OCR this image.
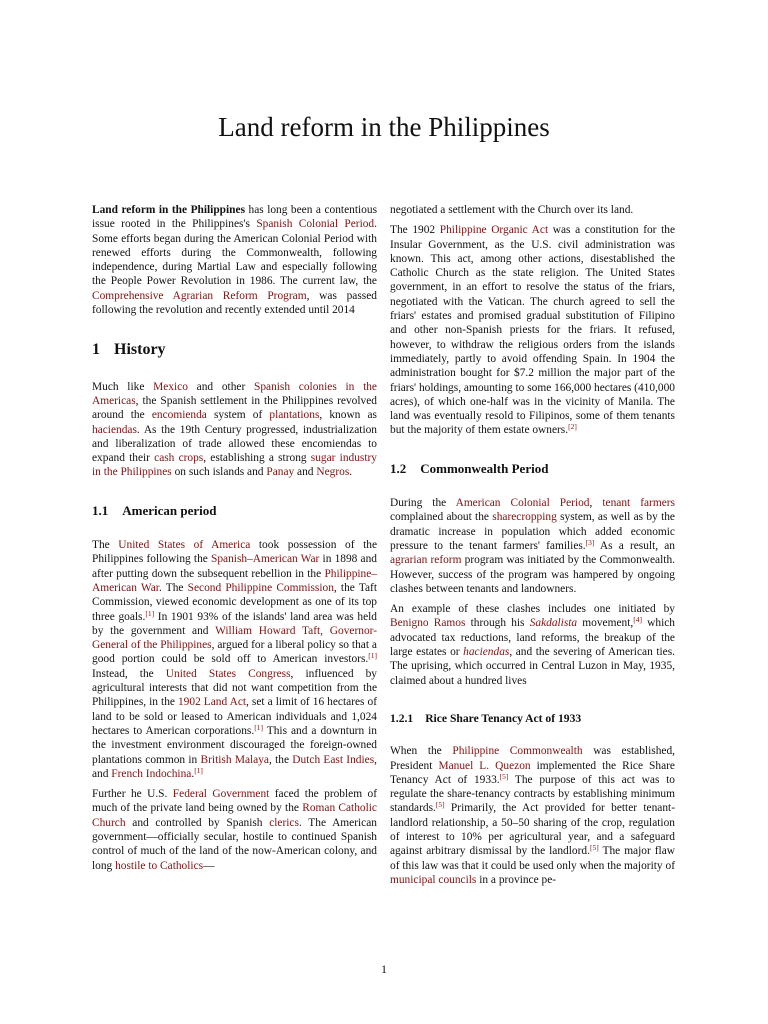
Land reform in the Philippines

Land reform in the Philippines has long been a contentious issue rooted in the Philippines's Spanish Colonial Period. Some efforts began during the American Colonial Period with renewed efforts during the Commonwealth, following independence, during Martial Law and especially following the People Power Revolution in 1986. The current law, the Comprehensive Agrarian Reform Program, was passed following the revolution and recently extended until 2014

1 History

Much like Mexico and other Spanish colonies in the Americas, the Spanish settlement in the Philippines revolved around the encomienda system of plantations, known as haciendas. As the 19th Century progressed, industrialization and liberalization of trade allowed these encomiendas to expand their cash crops, establishing a strong sugar industry in the Philippines on such islands and Panay and Negros.

1.1 American period

The United States of America took possession of the Philippines following the Spanish–American War in 1898 and after putting down the subsequent rebellion in the Philippine–American War. The Second Philippine Commission, the Taft Commission, viewed economic development as one of its top three goals.[1] In 1901 93% of the islands' land area was held by the government and William Howard Taft, Governor-General of the Philippines, argued for a liberal policy so that a good portion could be sold off to American investors.[1] Instead, the United States Congress, influenced by agricultural interests that did not want competition from the Philippines, in the 1902 Land Act, set a limit of 16 hectares of land to be sold or leased to American individuals and 1,024 hectares to American corporations.[1] This and a downturn in the investment environment discouraged the foreign-owned plantations common in British Malaya, the Dutch East Indies, and French Indochina.[1]

Further he U.S. Federal Government faced the problem of much of the private land being owned by the Roman Catholic Church and controlled by Spanish clerics. The American government—officially secular, hostile to continued Spanish control of much of the land of the now-American colony, and long hostile to Catholics—

negotiated a settlement with the Church over its land.

The 1902 Philippine Organic Act was a constitution for the Insular Government, as the U.S. civil administration was known. This act, among other actions, disestablished the Catholic Church as the state religion. The United States government, in an effort to resolve the status of the friars, negotiated with the Vatican. The church agreed to sell the friars' estates and promised gradual substitution of Filipino and other non-Spanish priests for the friars. It refused, however, to withdraw the religious orders from the islands immediately, partly to avoid offending Spain. In 1904 the administration bought for $7.2 million the major part of the friars' holdings, amounting to some 166,000 hectares (410,000 acres), of which one-half was in the vicinity of Manila. The land was eventually resold to Filipinos, some of them tenants but the majority of them estate owners.[2]

1.2 Commonwealth Period

During the American Colonial Period, tenant farmers complained about the sharecropping system, as well as by the dramatic increase in population which added economic pressure to the tenant farmers' families.[3] As a result, an agrarian reform program was initiated by the Commonwealth. However, success of the program was hampered by ongoing clashes between tenants and landowners.

An example of these clashes includes one initiated by Benigno Ramos through his Sakdalista movement,[4] which advocated tax reductions, land reforms, the breakup of the large estates or haciendas, and the severing of American ties. The uprising, which occurred in Central Luzon in May, 1935, claimed about a hundred lives

1.2.1 Rice Share Tenancy Act of 1933

When the Philippine Commonwealth was established, President Manuel L. Quezon implemented the Rice Share Tenancy Act of 1933.[5] The purpose of this act was to regulate the share-tenancy contracts by establishing minimum standards.[5] Primarily, the Act provided for better tenant-landlord relationship, a 50–50 sharing of the crop, regulation of interest to 10% per agricultural year, and a safeguard against arbitrary dismissal by the landlord.[5] The major flaw of this law was that it could be used only when the majority of municipal councils in a province pe-

1
